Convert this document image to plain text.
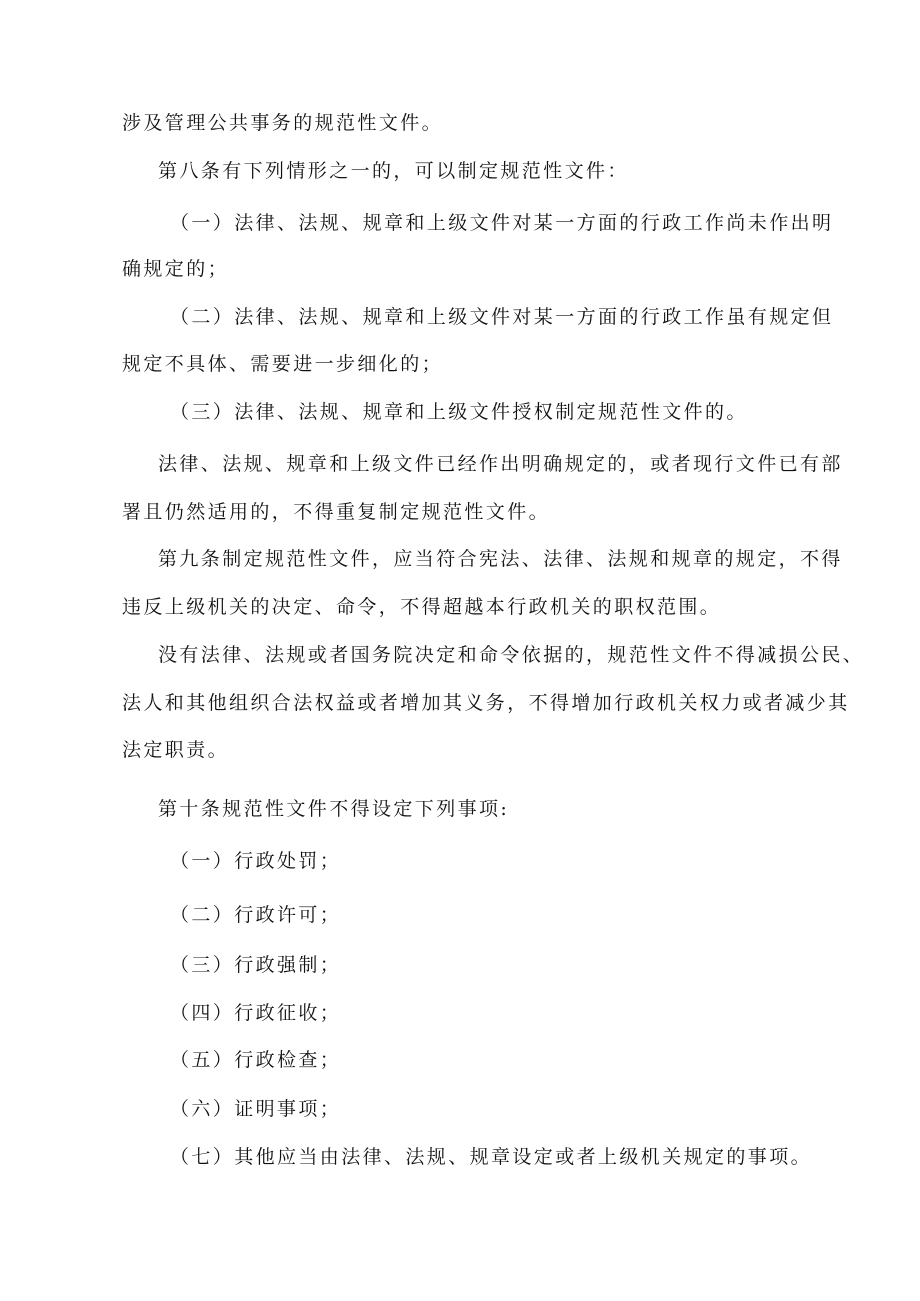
涉及管理公共事务的规范性文件。
第八条有下列情形之一的，可以制定规范性文件：
（一）法律、法规、规章和上级文件对某一方面的行政工作尚未作出明
确规定的；
（二）法律、法规、规章和上级文件对某一方面的行政工作虽有规定但
规定不具体、需要进一步细化的；
（三）法律、法规、规章和上级文件授权制定规范性文件的。
法律、法规、规章和上级文件已经作出明确规定的，或者现行文件已有部
署且仍然适用的，不得重复制定规范性文件。
第九条制定规范性文件，应当符合宪法、法律、法规和规章的规定，不得
违反上级机关的决定、命令，不得超越本行政机关的职权范围。
没有法律、法规或者国务院决定和命令依据的，规范性文件不得减损公民、
法人和其他组织合法权益或者增加其义务，不得增加行政机关权力或者减少其
法定职责。
第十条规范性文件不得设定下列事项:
（一）行政处罚；
（二）行政许可；
（三）行政强制；
（四）行政征收；
（五）行政检查；
（六）证明事项；
（七）其他应当由法律、法规、规章设定或者上级机关规定的事项。
